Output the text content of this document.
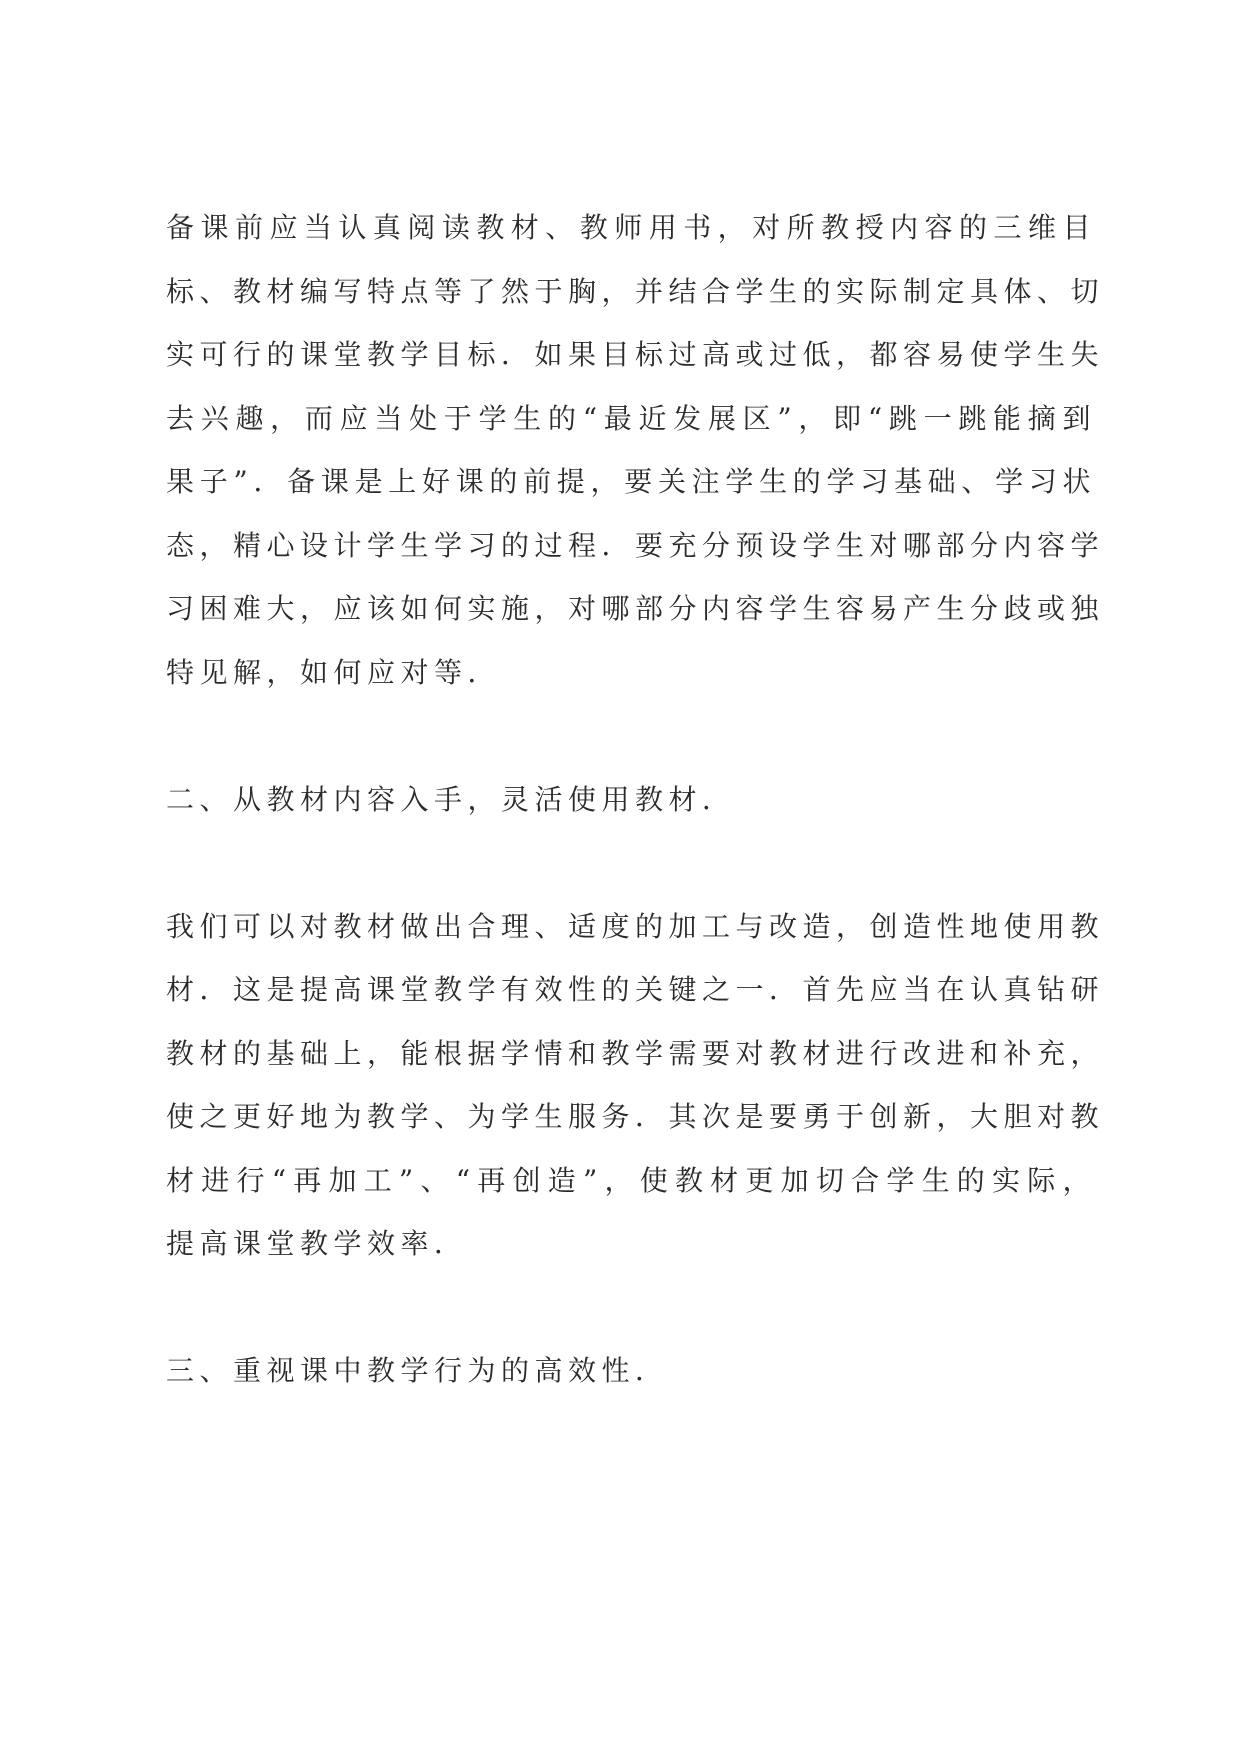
备课前应当认真阅读教材、教师用书，对所教授内容的三维目
标、教材编写特点等了然于胸，并结合学生的实际制定具体、切
实可行的课堂教学目标．如果目标过高或过低，都容易使学生失
去兴趣，而应当处于学生的“最近发展区”，即“跳一跳能摘到
果子”．备课是上好课的前提，要关注学生的学习基础、学习状
态，精心设计学生学习的过程．要充分预设学生对哪部分内容学
习困难大，应该如何实施，对哪部分内容学生容易产生分歧或独
特见解，如何应对等．
二、从教材内容入手，灵活使用教材．
我们可以对教材做出合理、适度的加工与改造，创造性地使用教
材．这是提高课堂教学有效性的关键之一．首先应当在认真钻研
教材的基础上，能根据学情和教学需要对教材进行改进和补充，
使之更好地为教学、为学生服务．其次是要勇于创新，大胆对教
材进行“再加工”、“再创造”，使教材更加切合学生的实际，
提高课堂教学效率．
三、重视课中教学行为的高效性．
